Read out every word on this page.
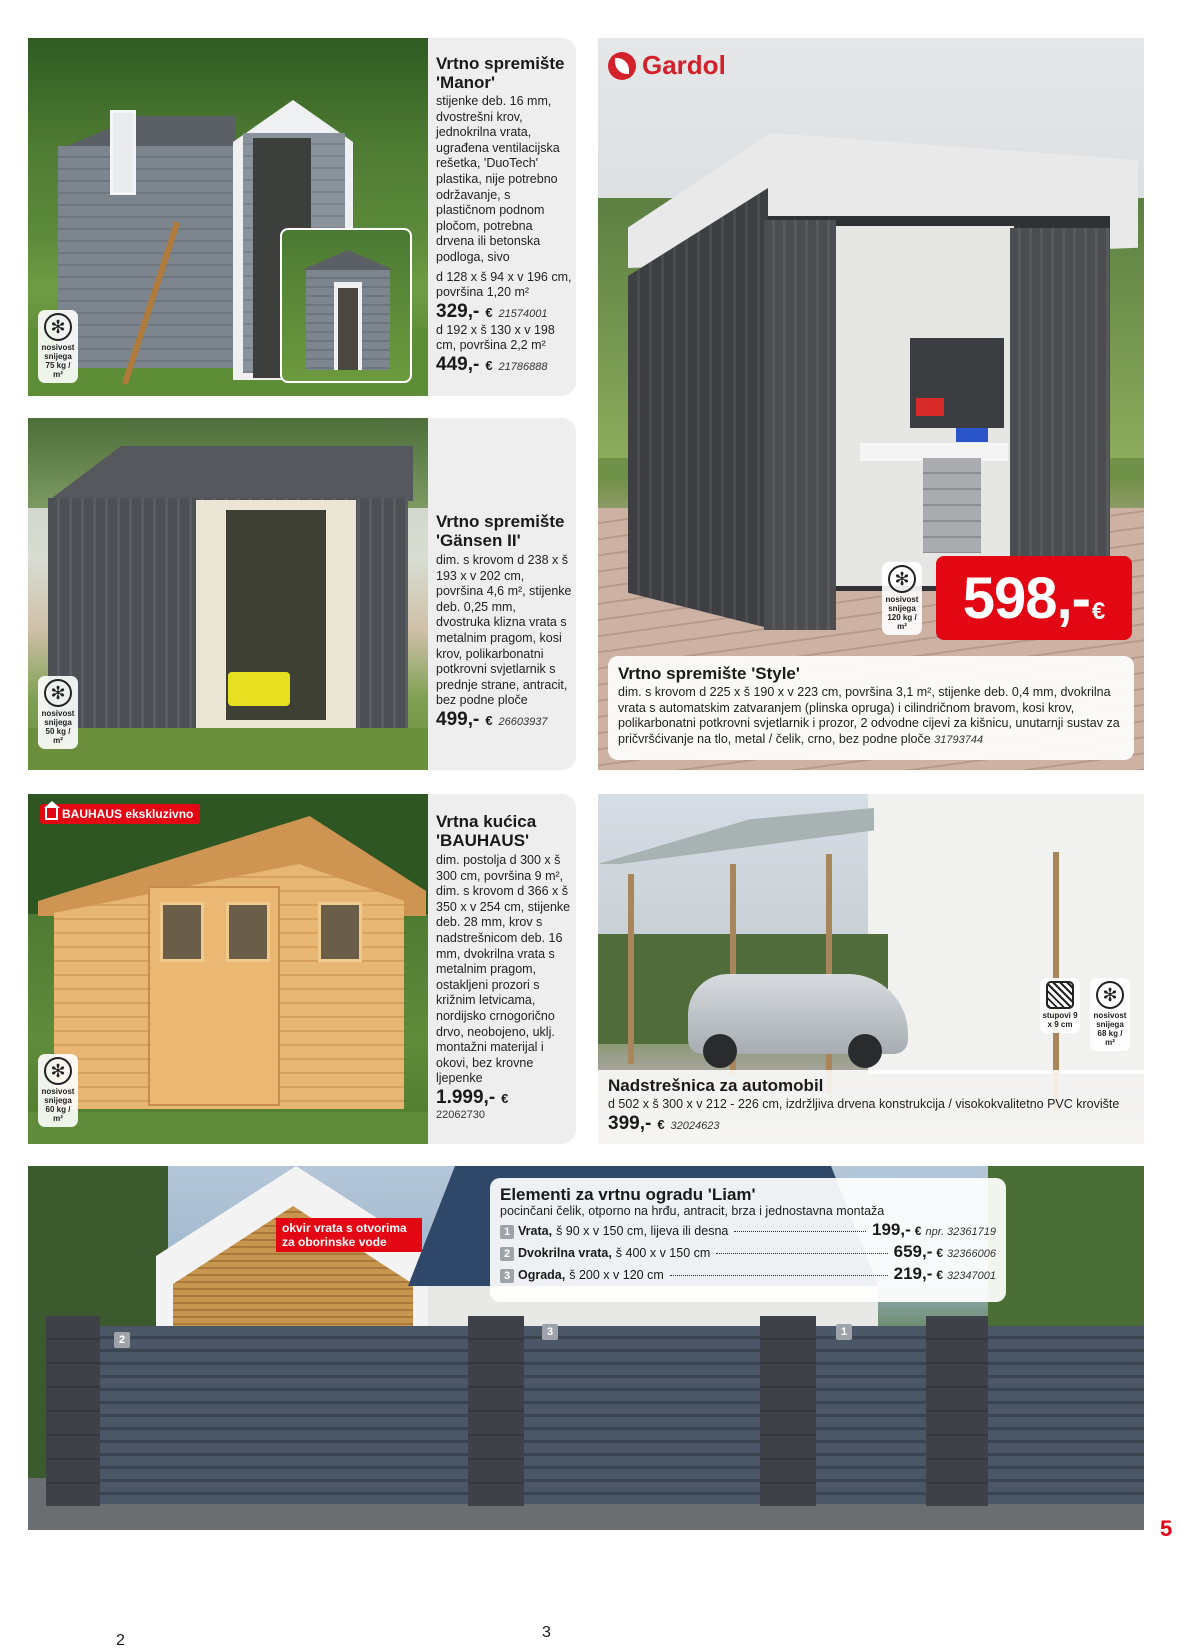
✻
nosivost snijega 75 kg / m²
Vrtno spremište
'Manor'
stijenke deb. 16 mm, dvostrešni krov, jednokrilna vrata, ugrađena ventilacijska rešetka, 'DuoTech' plastika, nije potrebno održavanje, s plastičnom podnom pločom, potrebna drvena ili betonska podloga, sivo
d 128 x š 94 x v 196 cm, površina 1,20 m²
329,- € 21574001
d 192 x š 130 x v 198 cm, površina 2,2 m²
449,- € 21786888
✻
nosivost snijega 50 kg / m²
Vrtno spremište
'Gänsen II'
dim. s krovom d 238 x š 193 x v 202 cm, površina 4,6 m², stijenke deb. 0,25 mm, dvostruka klizna vrata s metalnim pragom, kosi krov, polikarbonatni potkrovni svjetlarnik s prednje strane, antracit, bez podne ploče
499,- € 26603937
BAUHAUS ekskluzivno
✻
nosivost snijega 60 kg / m²
Vrtna kućica
'BAUHAUS'
dim. postolja d 300 x š 300 cm, površina 9 m², dim. s krovom d 366 x š 350 x v 254 cm, stijenke deb. 28 mm, krov s nadstrešnicom deb. 16 mm, dvokrilna vrata s metalnim pragom, ostakljeni prozori s križnim letvicama, nordijsko crnogorično drvo, neobojeno, uklj. montažni materijal i okovi, bez krovne ljepenke
1.999,- €
22062730
Gardol
✻
nosivost snijega 120 kg / m² 598,- €
Vrtno spremište 'Style'
dim. s krovom d 225 x š 190 x v 223 cm, površina 3,1 m², stijenke deb. 0,4 mm, dvokrilna vrata s automatskim zatvaranjem (plinska opruga) i cilindričnom bravom, kosi krov, polikarbonatni potkrovni svjetlarnik i prozor, 2 odvodne cijevi za kišnicu, unutarnji sustav za pričvršćivanje na tlo, metal / čelik, crno, bez podne ploče 31793744
stupovi 9 x 9 cm
✻
nosivost snijega 68 kg / m²
Nadstrešnica za automobil
d 502 x š 300 x v 212 - 226 cm, izdržljiva drvena konstrukcija / visokokvalitetno PVC krovište
399,- € 32024623
2
2
3
3	1
okvir vrata s otvorima za oborinske vode
Elementi za vrtnu ogradu 'Liam'
pocinčani čelik, otporno na hrđu, antracit, brza i jednostavna montaža
1 Vrata, š 90 x v 150 cm, lijeva ili desna	199,- € npr. 32361719
2 Dvokrilna vrata, š 400 x v 150 cm	659,- € 32366006
3 Ograda, š 200 x v 120 cm	219,- € 32347001
5
